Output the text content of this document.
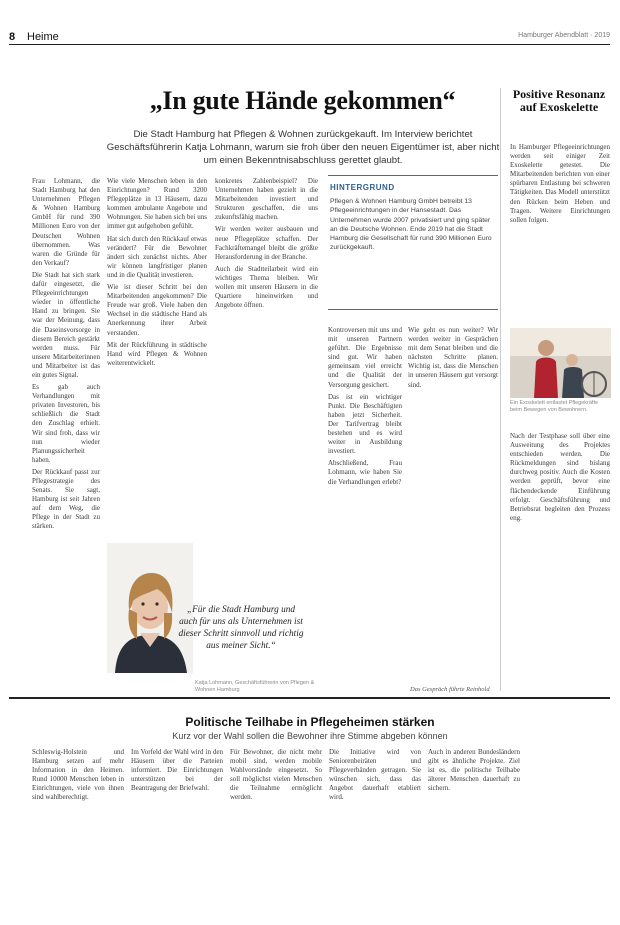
8 Heime	Hamburger Abendblatt · 2019
„In gute Hände gekommen“
Die Stadt Hamburg hat Pflegen & Wohnen zurückgekauft. Im Interview berichtet Geschäftsführerin Katja Lohmann, warum sie froh über den neuen Eigentümer ist, aber nicht um einen Bekenntnisabschluss gerettet glaubt.

Frau Lohmann, die Stadt Hamburg hat den Unternehmen Pflegen & Wohnen Hamburg GmbH für rund 390 Millionen Euro von der Deutschen Wohnen übernommen. Was waren die Gründe für den Verkauf?

Die Stadt hat sich stark dafür eingesetzt, die Pflegeeinrichtungen wieder in öffentliche Hand zu bringen. Sie war der Meinung, dass die Daseinsvorsorge in diesem Bereich gestärkt werden muss. Für unsere Mitarbeiterinnen und Mitarbeiter ist das ein gutes Signal.

Es gab auch Verhandlungen mit privaten Investoren, bis schließlich die Stadt den Zuschlag erhielt. Wir sind froh, dass wir nun wieder Planungssicherheit haben.

Der Rückkauf passt zur Pflegestrategie des Senats. Sie sagt, Hamburg ist seit Jahren auf dem Weg, die Pflege in der Stadt zu stärken.

Wie viele Menschen leben in den Einrichtungen? Rund 3200 Pflegeplätze in 13 Häusern, dazu kommen ambulante Angebote und Wohnungen. Sie haben sich bei uns immer gut aufgehoben gefühlt.

Hat sich durch den Rückkauf etwas verändert? Für die Bewohner ändert sich zunächst nichts. Aber wir können langfristiger planen und in die Qualität investieren.

Wie ist dieser Schritt bei den Mitarbeitenden angekommen? Die Freude war groß. Viele haben den Wechsel in die städtische Hand als Anerkennung ihrer Arbeit verstanden.

Mit der Rückführung in städtische Hand wird Pflegen & Wohnen weiterentwickelt.

konkretes Zahlenbeispiel? Die Unternehmen haben gezielt in die Mitarbeitenden investiert und Strukturen geschaffen, die uns zukunftsfähig machen.

Wir werden weiter ausbauen und neue Pflegeplätze schaffen. Der Fachkräftemangel bleibt die größte Herausforderung in der Branche.

Auch die Stadtteilarbeit wird ein wichtiges Thema bleiben. Wir wollen mit unseren Häusern in die Quartiere hineinwirken und Angebote öffnen.

„Für die Stadt Hamburg und auch für uns als Unternehmen ist dieser Schritt sinnvoll und richtig aus meiner Sicht.“
Katja Lohmann, Geschäftsführerin von Pflegen & Wohnen Hamburg
HINTERGRUND
Pflegen & Wohnen Hamburg GmbH betreibt 13 Pflegeeinrichtungen in der Hansestadt. Das Unternehmen wurde 2007 privatisiert und ging später an die Deutsche Wohnen. Ende 2019 hat die Stadt Hamburg die Gesellschaft für rund 390 Millionen Euro zurückgekauft.

Kontroversen mit uns und mit unseren Partnern geführt. Die Ergebnisse sind gut. Wir haben gemeinsam viel erreicht und die Qualität der Versorgung gesichert.

Das ist ein wichtiger Punkt. Die Beschäftigten haben jetzt Sicherheit. Der Tarifvertrag bleibt bestehen und es wird weiter in Ausbildung investiert.

Abschließend, Frau Lohmann, wie haben Sie die Verhandlungen erlebt?

Wie geht es nun weiter? Wir werden weiter in Gesprächen mit dem Senat bleiben und die nächsten Schritte planen. Wichtig ist, dass die Menschen in unseren Häusern gut versorgt sind.

Das Gespräch führte Reinhold
Positive Resonanz auf Exoskelette

In Hamburger Pflegeeinrichtungen werden seit einiger Zeit Exoskelette getestet. Die Mitarbeitenden berichten von einer spürbaren Entlastung bei schweren Tätigkeiten. Das Modell unterstützt den Rücken beim Heben und Tragen. Weitere Einrichtungen sollen folgen.

Ein Exoskelett entlastet Pflegekräfte beim Bewegen von Bewohnern.

Nach der Testphase soll über eine Ausweitung des Projektes entschieden werden. Die Rückmeldungen sind bislang durchweg positiv. Auch die Kosten werden geprüft, bevor eine flächendeckende Einführung erfolgt. Geschäftsführung und Betriebsrat begleiten den Prozess eng.

Politische Teilhabe in Pflegeheimen stärken
Kurz vor der Wahl sollen die Bewohner ihre Stimme abgeben können

Schleswig-Holstein und Hamburg setzen auf mehr Information in den Heimen. Rund 10000 Menschen leben in Einrichtungen, viele von ihnen sind wahlberechtigt.

Im Vorfeld der Wahl wird in den Häusern über die Parteien informiert. Die Einrichtungen unterstützen bei der Beantragung der Briefwahl.

Für Bewohner, die nicht mehr mobil sind, werden mobile Wahlvorstände eingesetzt. So soll möglichst vielen Menschen die Teilnahme ermöglicht werden.

Die Initiative wird von Seniorenbeiräten und Pflegeverbänden getragen. Sie wünschen sich, dass das Angebot dauerhaft etabliert wird.

Auch in anderen Bundesländern gibt es ähnliche Projekte. Ziel ist es, die politische Teilhabe älterer Menschen dauerhaft zu sichern.
